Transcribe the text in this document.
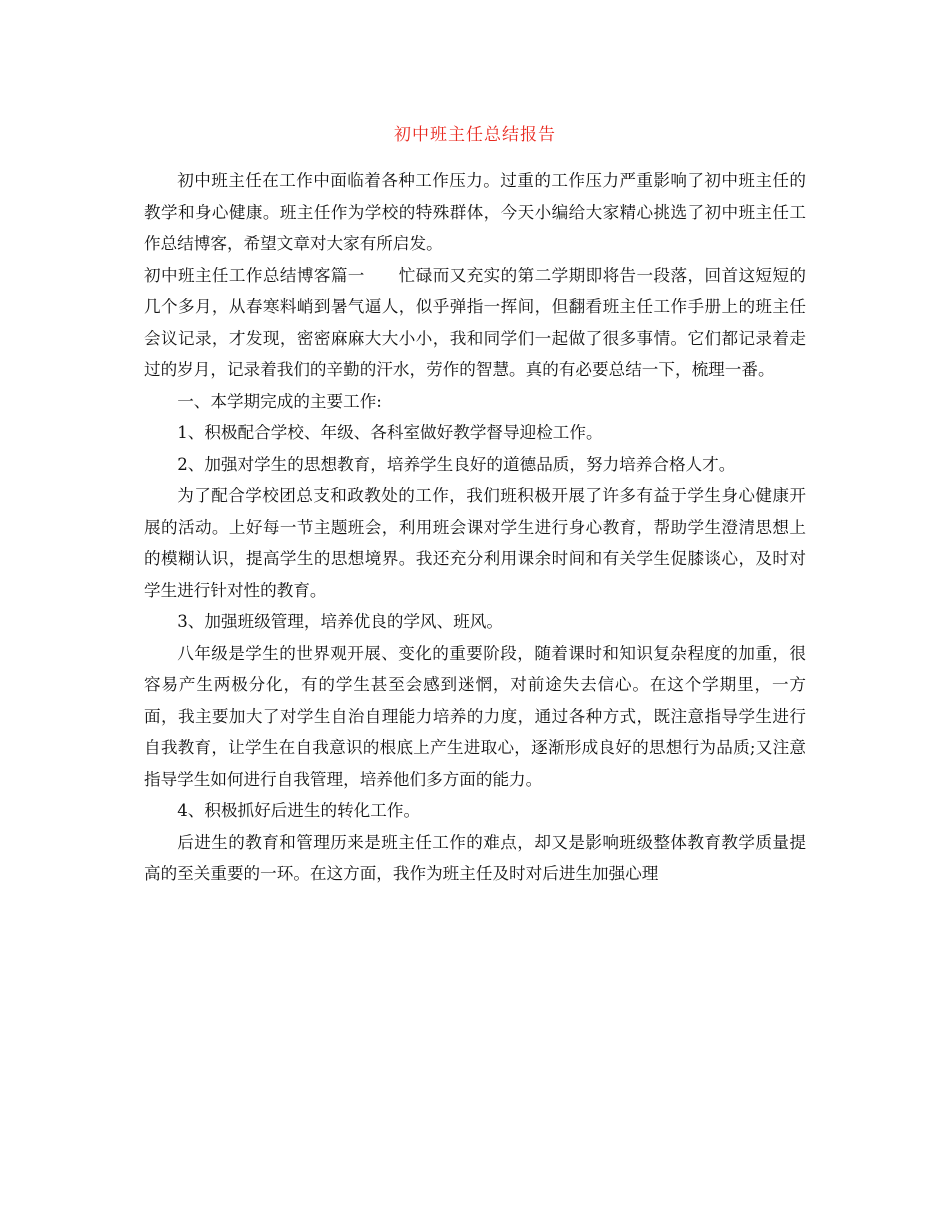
初中班主任总结报告

初中班主任在工作中面临着各种工作压力。过重的工作压力严重影响了初中班主任的教学和身心健康。班主任作为学校的特殊群体，今天小编给大家精心挑选了初中班主任工作总结博客，希望文章对大家有所启发。

初中班主任工作总结博客篇一　　忙碌而又充实的第二学期即将告一段落，回首这短短的几个多月，从春寒料峭到暑气逼人，似乎弹指一挥间，但翻看班主任工作手册上的班主任会议记录，才发现，密密麻麻大大小小，我和同学们一起做了很多事情。它们都记录着走过的岁月，记录着我们的辛勤的汗水，劳作的智慧。真的有必要总结一下，梳理一番。

一、本学期完成的主要工作:

1、积极配合学校、年级、各科室做好教学督导迎检工作。

2、加强对学生的思想教育，培养学生良好的道德品质，努力培养合格人才。

为了配合学校团总支和政教处的工作，我们班积极开展了许多有益于学生身心健康开展的活动。上好每一节主题班会，利用班会课对学生进行身心教育，帮助学生澄清思想上的模糊认识，提高学生的思想境界。我还充分利用课余时间和有关学生促膝谈心，及时对学生进行针对性的教育。

3、加强班级管理，培养优良的学风、班风。

八年级是学生的世界观开展、变化的重要阶段，随着课时和知识复杂程度的加重，很容易产生两极分化，有的学生甚至会感到迷惘，对前途失去信心。在这个学期里，一方面，我主要加大了对学生自治自理能力培养的力度，通过各种方式，既注意指导学生进行自我教育，让学生在自我意识的根底上产生进取心，逐渐形成良好的思想行为品质;又注意指导学生如何进行自我管理，培养他们多方面的能力。

4、积极抓好后进生的转化工作。

后进生的教育和管理历来是班主任工作的难点，却又是影响班级整体教育教学质量提高的至关重要的一环。在这方面，我作为班主任及时对后进生加强心理
